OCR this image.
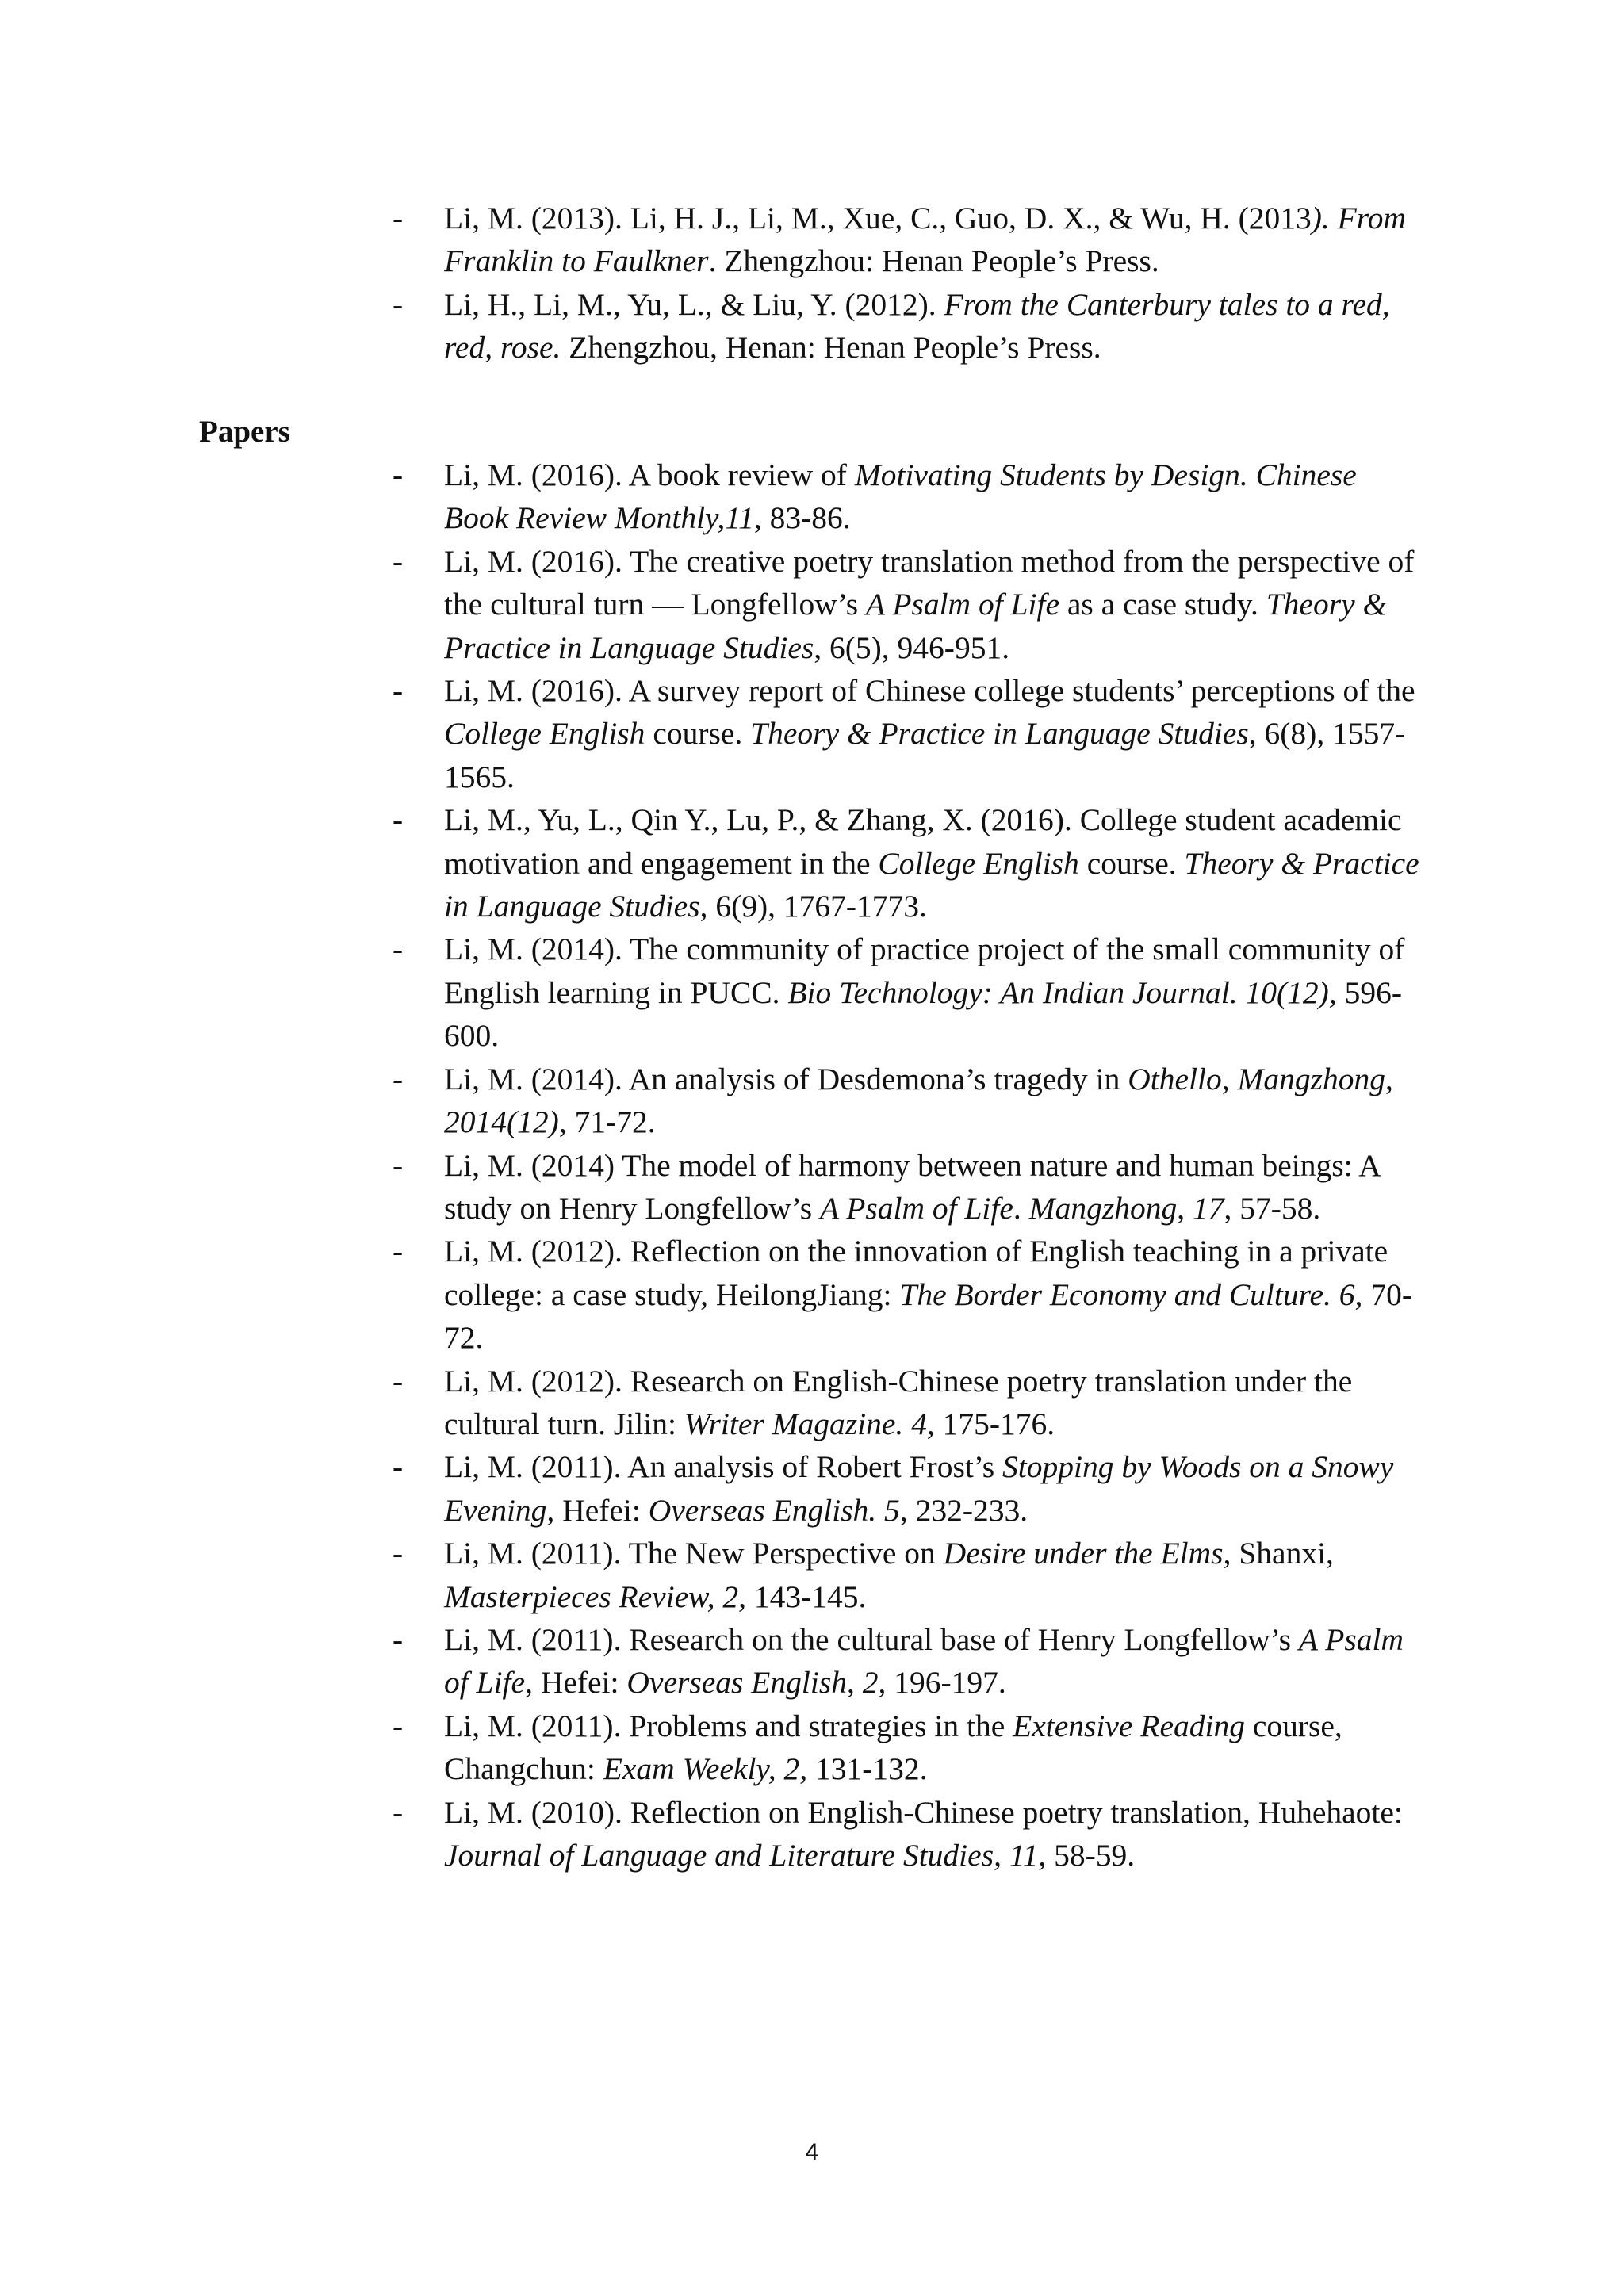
- Li, M. (2013). Li, H. J., Li, M., Xue, C., Guo, D. X., & Wu, H. (2013). From Franklin to Faulkner. Zhengzhou: Henan People’s Press.
- Li, H., Li, M., Yu, L., & Liu, Y. (2012). From the Canterbury tales to a red, red, rose. Zhengzhou, Henan: Henan People’s Press.
Papers
- Li, M. (2016). A book review of Motivating Students by Design. Chinese Book Review Monthly,11, 83-86.
- Li, M. (2016). The creative poetry translation method from the perspective of the cultural turn — Longfellow’s A Psalm of Life as a case study. Theory & Practice in Language Studies, 6(5), 946-951.
- Li, M. (2016). A survey report of Chinese college students’ perceptions of the College English course. Theory & Practice in Language Studies, 6(8), 1557-1565.
- Li, M., Yu, L., Qin Y., Lu, P., & Zhang, X. (2016). College student academic motivation and engagement in the College English course. Theory & Practice in Language Studies, 6(9), 1767-1773.
- Li, M. (2014). The community of practice project of the small community of English learning in PUCC. Bio Technology: An Indian Journal. 10(12), 596-600.
- Li, M. (2014). An analysis of Desdemona’s tragedy in Othello, Mangzhong, 2014(12), 71-72.
- Li, M. (2014) The model of harmony between nature and human beings: A study on Henry Longfellow’s A Psalm of Life. Mangzhong, 17, 57-58.
- Li, M. (2012). Reflection on the innovation of English teaching in a private college: a case study, HeilongJiang: The Border Economy and Culture. 6, 70-72.
- Li, M. (2012). Research on English-Chinese poetry translation under the cultural turn. Jilin: Writer Magazine. 4, 175-176.
- Li, M. (2011). An analysis of Robert Frost’s Stopping by Woods on a Snowy Evening, Hefei: Overseas English. 5, 232-233.
- Li, M. (2011). The New Perspective on Desire under the Elms, Shanxi, Masterpieces Review, 2, 143-145.
- Li, M. (2011). Research on the cultural base of Henry Longfellow’s A Psalm of Life, Hefei: Overseas English, 2, 196-197.
- Li, M. (2011). Problems and strategies in the Extensive Reading course, Changchun: Exam Weekly, 2, 131-132.
- Li, M. (2010). Reflection on English-Chinese poetry translation, Huhehaote: Journal of Language and Literature Studies, 11, 58-59.
4
